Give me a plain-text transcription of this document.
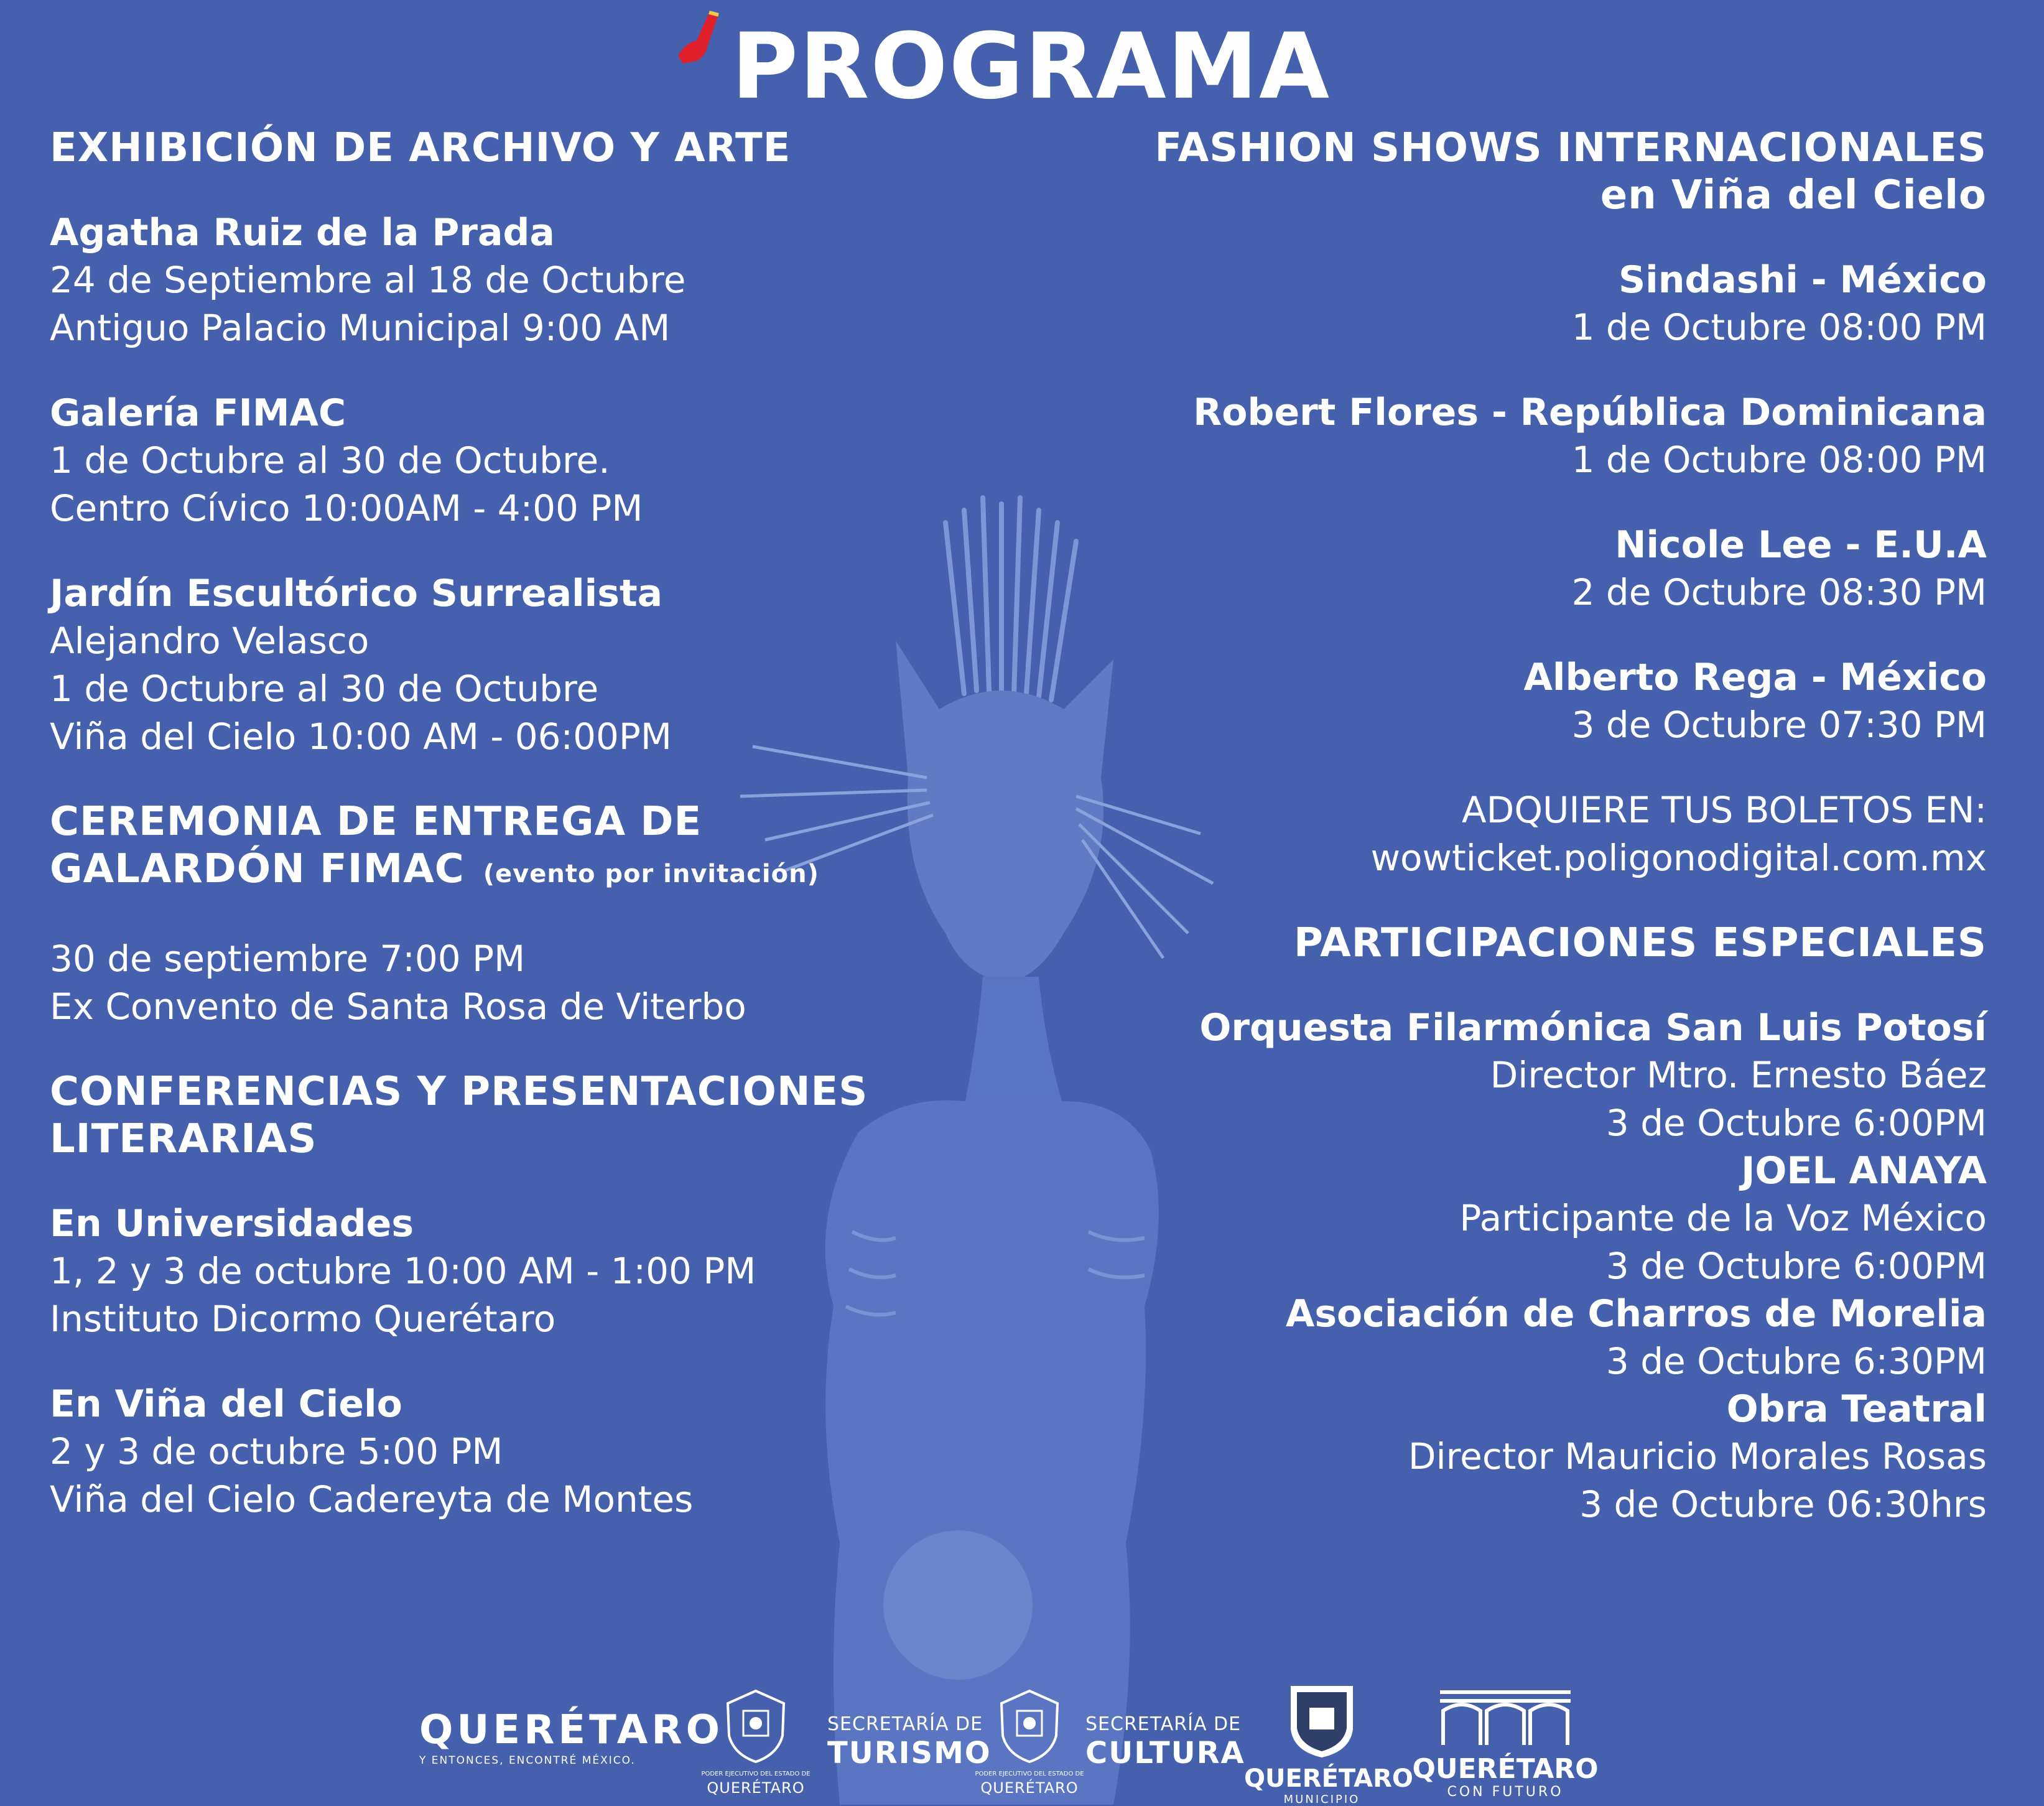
PROGRAMA
EXHIBICIÓN DE ARCHIVO Y ARTE
Agatha Ruiz de la Prada
24 de Septiembre al 18 de Octubre
Antiguo Palacio Municipal 9:00 AM
Galería FIMAC
1 de Octubre al 30 de Octubre.
Centro Cívico 10:00AM - 4:00 PM
Jardín Escultórico Surrealista
Alejandro Velasco
1 de Octubre al 30 de Octubre
Viña del Cielo 10:00 AM - 06:00PM
CEREMONIA DE ENTREGA DE
GALARDÓN FIMAC (evento por invitación)
30 de septiembre 7:00 PM
Ex Convento de Santa Rosa de Viterbo
CONFERENCIAS Y PRESENTACIONES
LITERARIAS
En Universidades
1, 2 y 3 de octubre 10:00 AM - 1:00 PM
Instituto Dicormo Querétaro
En Viña del Cielo
2 y 3 de octubre 5:00 PM
Viña del Cielo Cadereyta de Montes
FASHION SHOWS INTERNACIONALES
en Viña del Cielo
Sindashi - México
1 de Octubre 08:00 PM
Robert Flores - República Dominicana
1 de Octubre 08:00 PM
Nicole Lee - E.U.A
2 de Octubre 08:30 PM
Alberto Rega - México
3 de Octubre 07:30 PM
ADQUIERE TUS BOLETOS EN:
wowticket.poligonodigital.com.mx
PARTICIPACIONES ESPECIALES
Orquesta Filarmónica San Luis Potosí
Director Mtro. Ernesto Báez
3 de Octubre 6:00PM
JOEL ANAYA
Participante de la Voz México
3 de Octubre 6:00PM
Asociación de Charros de Morelia
3 de Octubre 6:30PM
Obra Teatral
Director Mauricio Morales Rosas
3 de Octubre 06:30hrs
QUERÉTARO
Y ENTONCES, ENCONTRÉ MÉXICO.
PODER EJECUTIVO DEL ESTADO DE
QUERÉTARO
SECRETARÍA DE
TURISMO
PODER EJECUTIVO DEL ESTADO DE
QUERÉTARO
SECRETARÍA DE
CULTURA
QUERÉTARO
MUNICIPIO
QUERÉTARO
CON FUTURO
